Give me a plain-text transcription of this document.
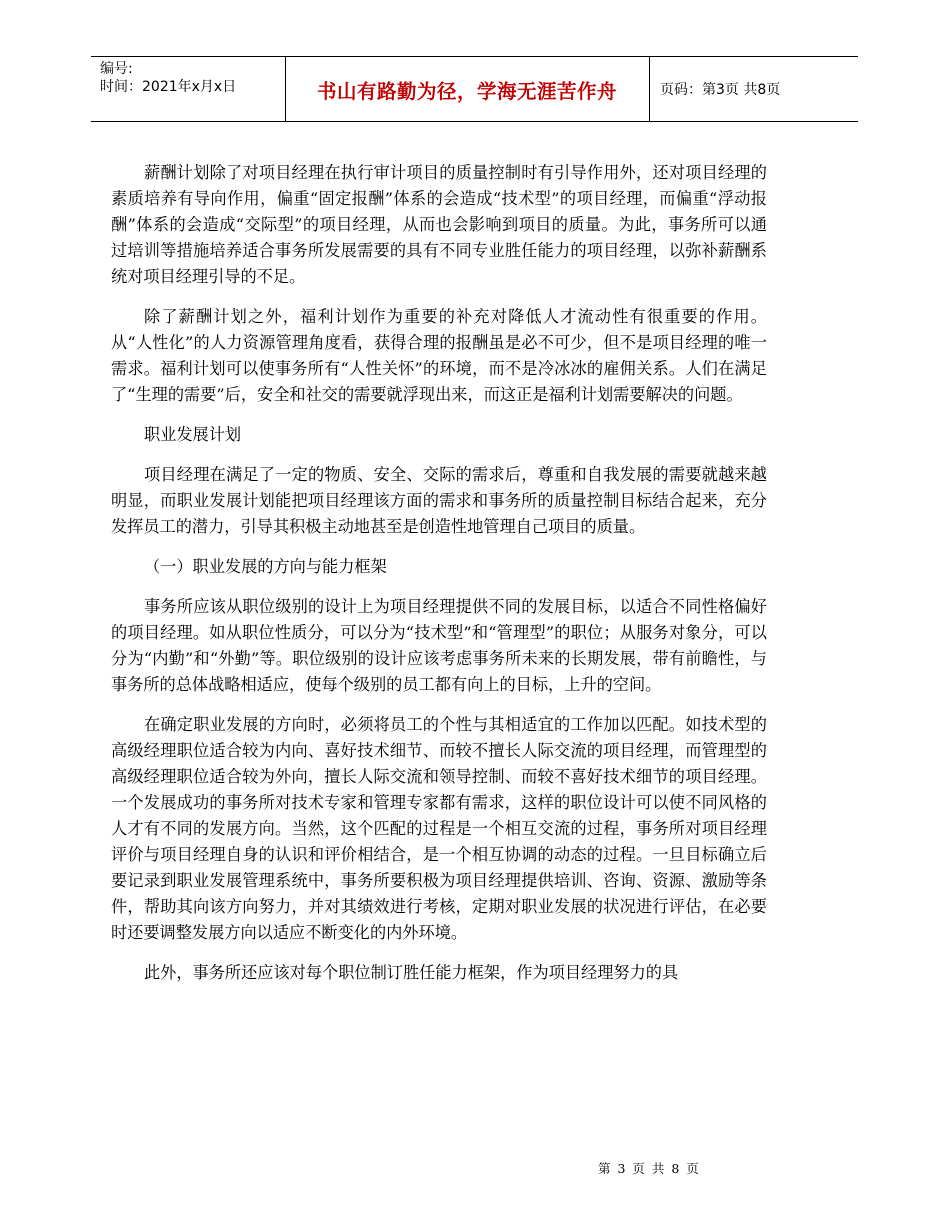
编号:
时间：2021年x月x日	书山有路勤为径，学海无涯苦作舟	页码：第3页 共8页

薪酬计划除了对项目经理在执行审计项目的质量控制时有引导作用外，还对项目经理的素质培养有导向作用，偏重“固定报酬”体系的会造成“技术型”的项目经理，而偏重“浮动报酬”体系的会造成“交际型”的项目经理，从而也会影响到项目的质量。为此，事务所可以通过培训等措施培养适合事务所发展需要的具有不同专业胜任能力的项目经理，以弥补薪酬系统对项目经理引导的不足。

除了薪酬计划之外，福利计划作为重要的补充对降低人才流动性有很重要的作用。从“人性化”的人力资源管理角度看，获得合理的报酬虽是必不可少，但不是项目经理的唯一需求。福利计划可以使事务所有“人性关怀”的环境，而不是冷冰冰的雇佣关系。人们在满足了“生理的需要”后，安全和社交的需要就浮现出来，而这正是福利计划需要解决的问题。

职业发展计划

项目经理在满足了一定的物质、安全、交际的需求后，尊重和自我发展的需要就越来越明显，而职业发展计划能把项目经理该方面的需求和事务所的质量控制目标结合起来，充分发挥员工的潜力，引导其积极主动地甚至是创造性地管理自己项目的质量。

（一）职业发展的方向与能力框架

事务所应该从职位级别的设计上为项目经理提供不同的发展目标，以适合不同性格偏好的项目经理。如从职位性质分，可以分为“技术型”和“管理型”的职位；从服务对象分，可以分为“内勤”和“外勤”等。职位级别的设计应该考虑事务所未来的长期发展，带有前瞻性，与事务所的总体战略相适应，使每个级别的员工都有向上的目标，上升的空间。

在确定职业发展的方向时，必须将员工的个性与其相适宜的工作加以匹配。如技术型的高级经理职位适合较为内向、喜好技术细节、而较不擅长人际交流的项目经理，而管理型的高级经理职位适合较为外向，擅长人际交流和领导控制、而较不喜好技术细节的项目经理。一个发展成功的事务所对技术专家和管理专家都有需求，这样的职位设计可以使不同风格的人才有不同的发展方向。当然，这个匹配的过程是一个相互交流的过程，事务所对项目经理评价与项目经理自身的认识和评价相结合，是一个相互协调的动态的过程。一旦目标确立后要记录到职业发展管理系统中，事务所要积极为项目经理提供培训、咨询、资源、激励等条件，帮助其向该方向努力，并对其绩效进行考核，定期对职业发展的状况进行评估，在必要时还要调整发展方向以适应不断变化的内外环境。

此外，事务所还应该对每个职位制订胜任能力框架，作为项目经理努力的具

第 3 页 共 8 页
